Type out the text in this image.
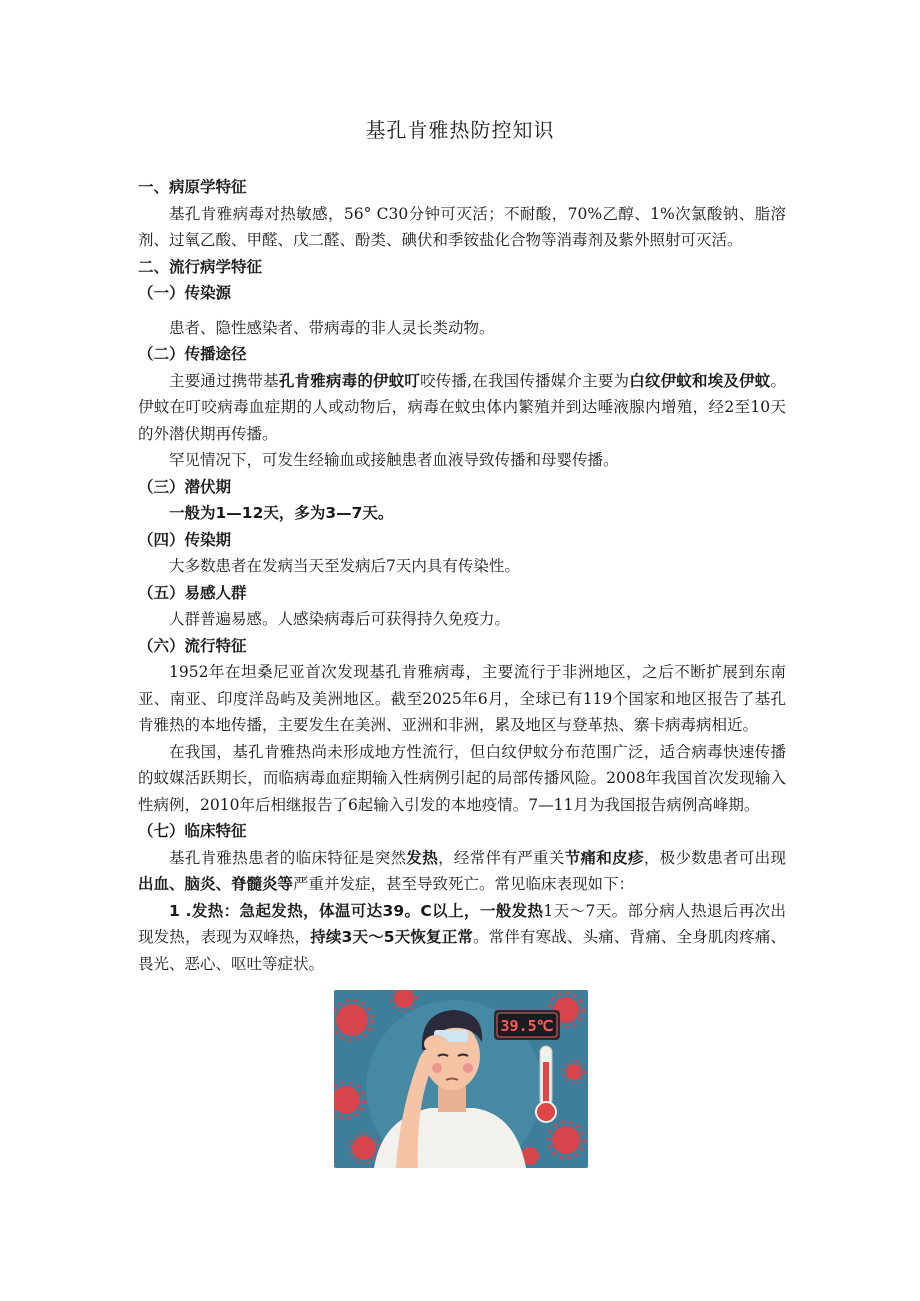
基孔肯雅热防控知识
一、病原学特征

基孔肯雅病毒对热敏感，56° C30分钟可灭活；不耐酸，70%乙醇、1%次氯酸钠、脂溶剂、过氧乙酸、甲醛、戊二醛、酚类、碘伏和季铵盐化合物等消毒剂及紫外照射可灭活。

二、流行病学特征
（一）传染源

患者、隐性感染者、带病毒的非人灵长类动物。

（二）传播途径

主要通过携带基孔肯雅病毒的伊蚊叮咬传播,在我国传播媒介主要为白纹伊蚊和埃及伊蚊。伊蚊在叮咬病毒血症期的人或动物后，病毒在蚊虫体内繁殖并到达唾液腺内增殖，经2至10天的外潜伏期再传播。

罕见情况下，可发生经输血或接触患者血液导致传播和母婴传播。

（三）潜伏期

一般为1—12天，多为3—7天。

（四）传染期

大多数患者在发病当天至发病后7天内具有传染性。

（五）易感人群

人群普遍易感。人感染病毒后可获得持久免疫力。

（六）流行特征

1952年在坦桑尼亚首次发现基孔肯雅病毒，主要流行于非洲地区，之后不断扩展到东南亚、南亚、印度洋岛屿及美洲地区。截至2025年6月，全球已有119个国家和地区报告了基孔肯雅热的本地传播，主要发生在美洲、亚洲和非洲，累及地区与登革热、寨卡病毒病相近。

在我国，基孔肯雅热尚未形成地方性流行，但白纹伊蚊分布范围广泛，适合病毒快速传播的蚊媒活跃期长，而临病毒血症期输入性病例引起的局部传播风险。2008年我国首次发现输入性病例，2010年后相继报告了6起输入引发的本地疫情。7—11月为我国报告病例高峰期。

（七）临床特征

基孔肯雅热患者的临床特征是突然发热，经常伴有严重关节痛和皮疹，极少数患者可出现出血、脑炎、脊髓炎等严重并发症，甚至导致死亡。常见临床表现如下：

1 .发热：急起发热，体温可达39。C以上，一般发热1天～7天。部分病人热退后再次出现发热，表现为双峰热，持续3天～5天恢复正常。常伴有寒战、头痛、背痛、全身肌肉疼痛、畏光、恶心、呕吐等症状。

39.5℃
